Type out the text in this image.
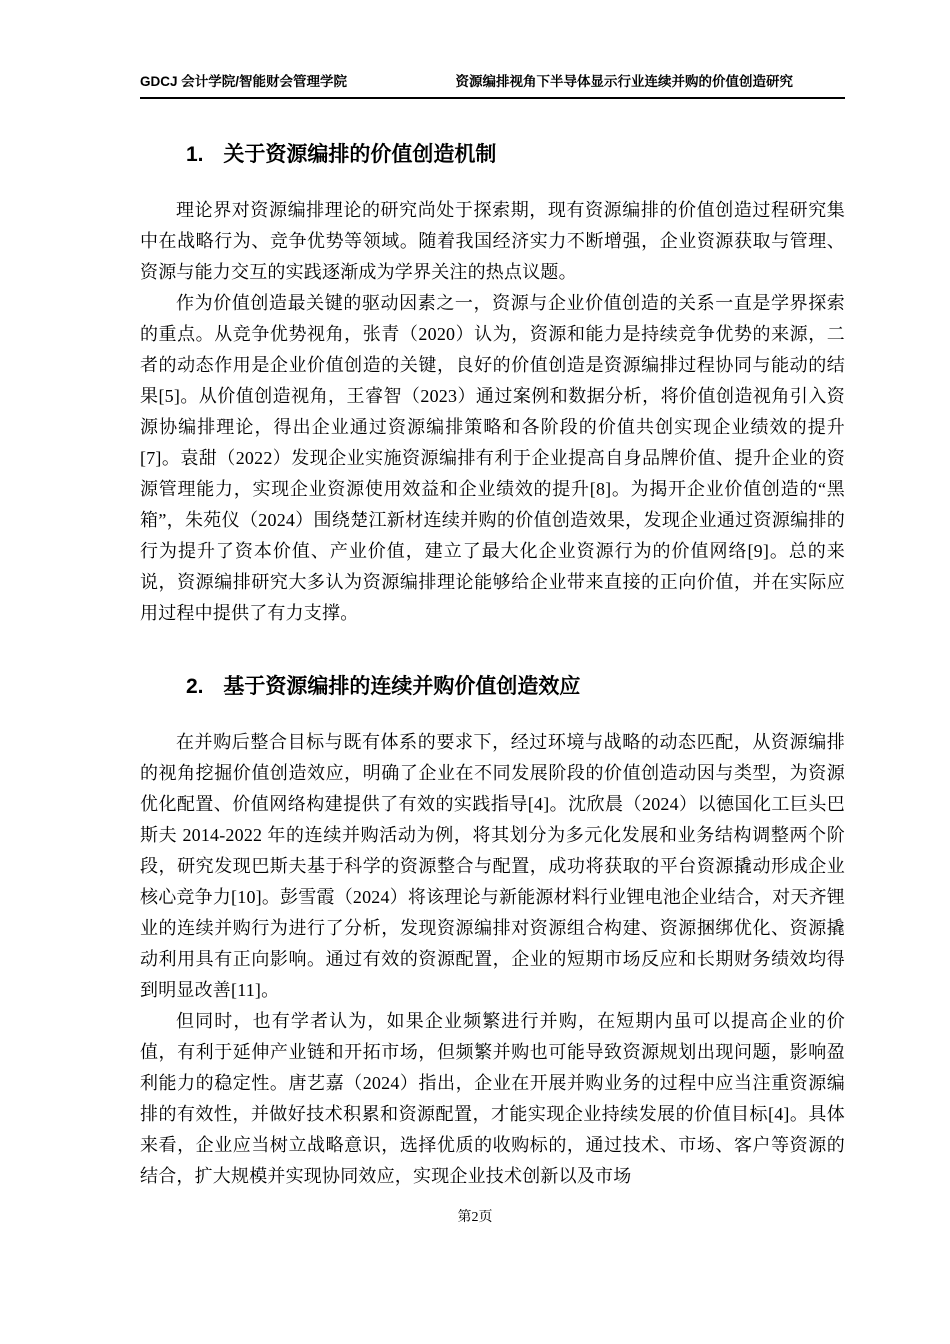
GDCJ 会计学院/智能财会管理学院	资源编排视角下半导体显示行业连续并购的价值创造研究
1. 关于资源编排的价值创造机制

理论界对资源编排理论的研究尚处于探索期，现有资源编排的价值创造过程研究集中在战略行为、竞争优势等领域。随着我国经济实力不断增强，企业资源获取与管理、资源与能力交互的实践逐渐成为学界关注的热点议题。

作为价值创造最关键的驱动因素之一，资源与企业价值创造的关系一直是学界探索的重点。从竞争优势视角，张青（2020）认为，资源和能力是持续竞争优势的来源，二者的动态作用是企业价值创造的关键，良好的价值创造是资源编排过程协同与能动的结果[5]。从价值创造视角，王睿智（2023）通过案例和数据分析，将价值创造视角引入资源协编排理论，得出企业通过资源编排策略和各阶段的价值共创实现企业绩效的提升[7]。袁甜（2022）发现企业实施资源编排有利于企业提高自身品牌价值、提升企业的资源管理能力，实现企业资源使用效益和企业绩效的提升[8]。为揭开企业价值创造的“黑箱”，朱苑仪（2024）围绕楚江新材连续并购的价值创造效果，发现企业通过资源编排的行为提升了资本价值、产业价值，建立了最大化企业资源行为的价值网络[9]。总的来说，资源编排研究大多认为资源编排理论能够给企业带来直接的正向价值，并在实际应用过程中提供了有力支撑。

2. 基于资源编排的连续并购价值创造效应

在并购后整合目标与既有体系的要求下，经过环境与战略的动态匹配，从资源编排的视角挖掘价值创造效应，明确了企业在不同发展阶段的价值创造动因与类型，为资源优化配置、价值网络构建提供了有效的实践指导[4]。沈欣晨（2024）以德国化工巨头巴斯夫 2014-2022 年的连续并购活动为例，将其划分为多元化发展和业务结构调整两个阶段，研究发现巴斯夫基于科学的资源整合与配置，成功将获取的平台资源撬动形成企业核心竞争力[10]。彭雪霞（2024）将该理论与新能源材料行业锂电池企业结合，对天齐锂业的连续并购行为进行了分析，发现资源编排对资源组合构建、资源捆绑优化、资源撬动利用具有正向影响。通过有效的资源配置，企业的短期市场反应和长期财务绩效均得到明显改善[11]。

但同时，也有学者认为，如果企业频繁进行并购，在短期内虽可以提高企业的价值，有利于延伸产业链和开拓市场，但频繁并购也可能导致资源规划出现问题，影响盈利能力的稳定性。唐艺嘉（2024）指出，企业在开展并购业务的过程中应当注重资源编排的有效性，并做好技术积累和资源配置，才能实现企业持续发展的价值目标[4]。具体来看，企业应当树立战略意识，选择优质的收购标的，通过技术、市场、客户等资源的结合，扩大规模并实现协同效应，实现企业技术创新以及市场

第2页
